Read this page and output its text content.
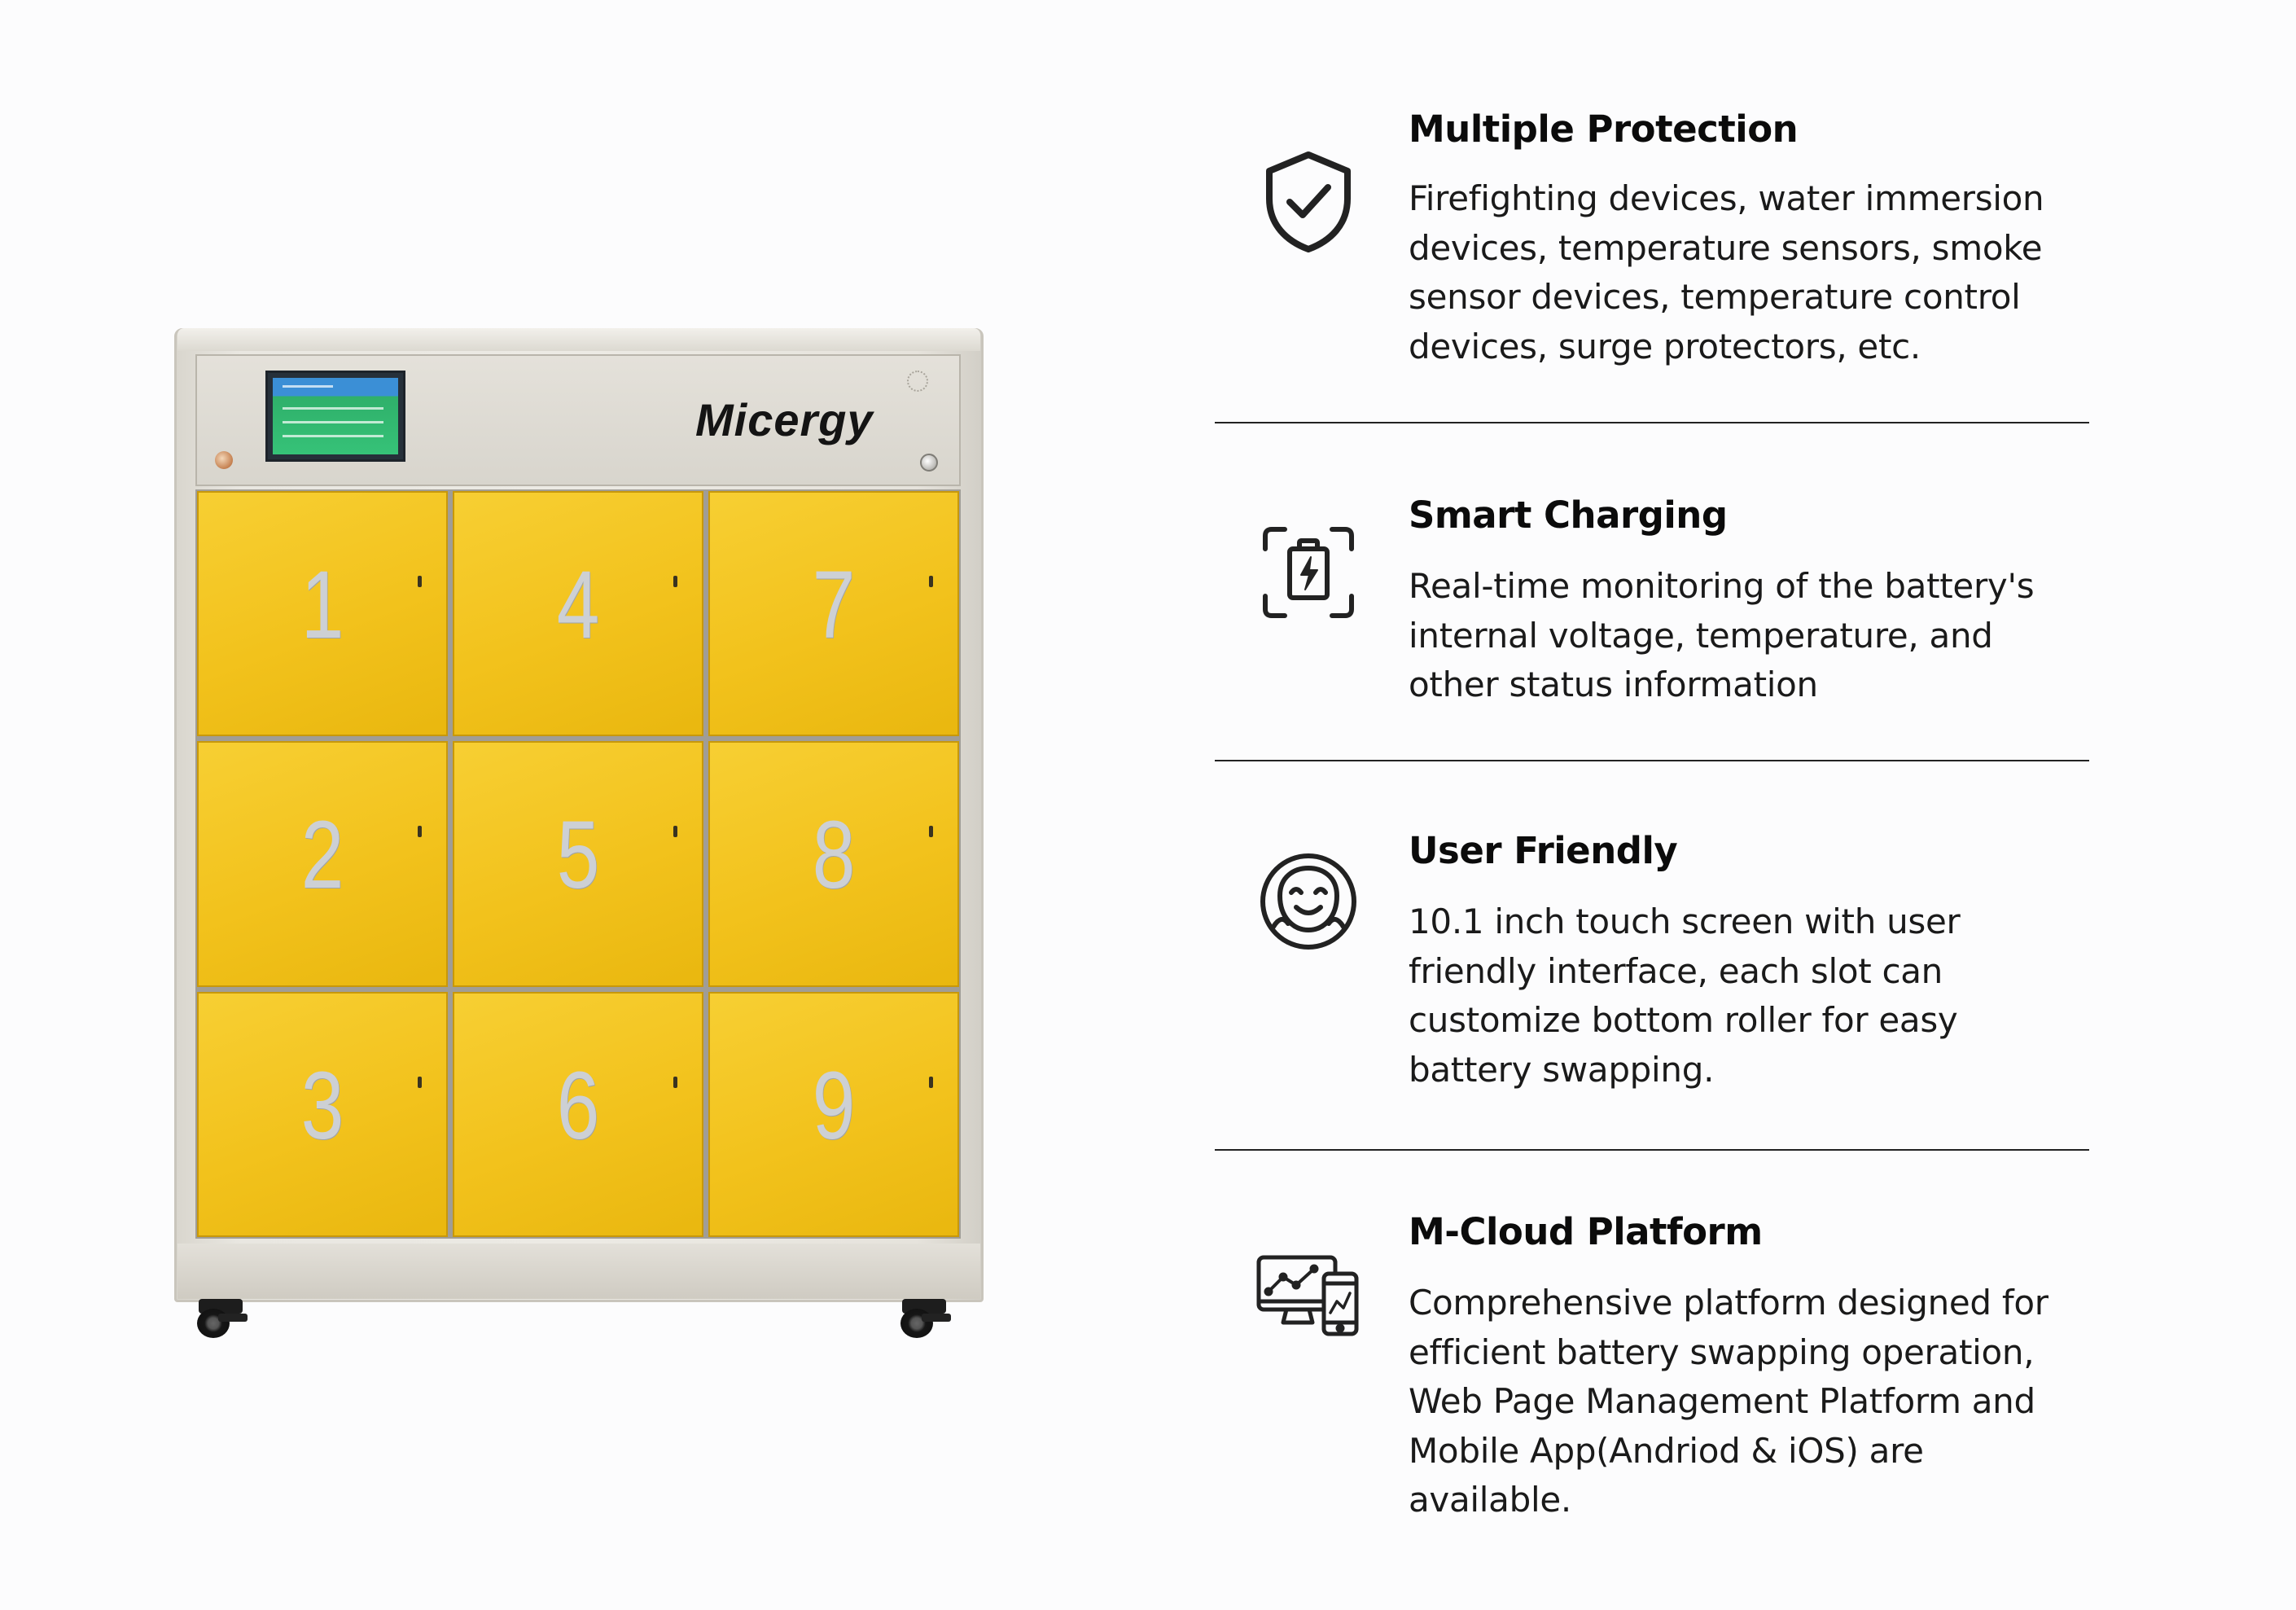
Micergy
1	4	7
2	5	8
3	6	9
Multiple Protection
Firefighting devices, water immersion devices, temperature sensors, smoke sensor devices, temperature control devices, surge protectors, etc.
Smart Charging
Real-time monitoring of the battery's internal voltage, temperature, and other status information
User Friendly
10.1 inch touch screen with user friendly interface, each slot can customize bottom roller for easy battery swapping.
M-Cloud Platform
Comprehensive platform designed for efficient battery swapping operation, Web Page Management Platform and Mobile App(Andriod & iOS) are available.
